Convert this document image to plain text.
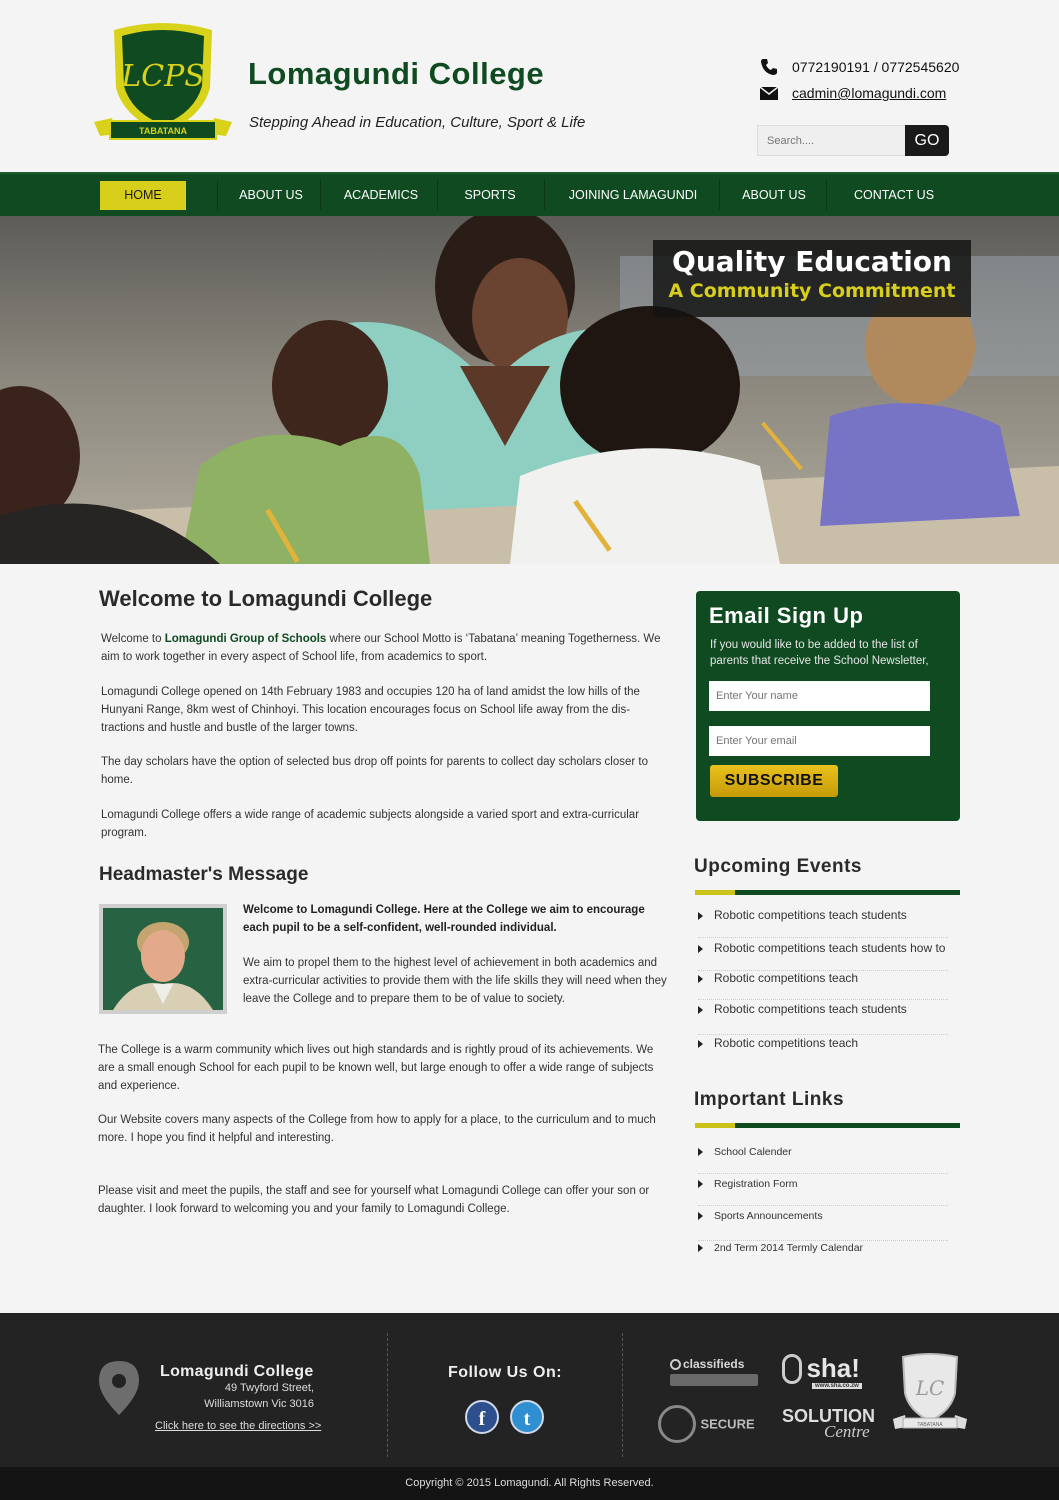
LCPS
TABATANA
Lomagundi College
Stepping Ahead in Education, Culture, Sport & Life
0772190191 / 0772545620
cadmin@lomagundi.com
Search....
GO
HOME	ABOUT US	ACADEMICS	SPORTS	JOINING LAMAGUNDI	ABOUT US	CONTACT US
Quality Education
A Community Commitment
Welcome to Lomagundi College
Welcome to Lomagundi Group of Schools where our School Motto is ‘Tabatana’ meaning Togetherness. We aim to work together in every aspect of School life, from academics to sport.
Lomagundi College opened on 14th February 1983 and occupies 120 ha of land amidst the low hills of the Hunyani Range, 8km west of Chinhoyi. This location encourages focus on School life away from the dis-tractions and hustle and bustle of the larger towns.
The day scholars have the option of selected bus drop off points for parents to collect day scholars closer to home.
Lomagundi College offers a wide range of academic subjects alongside a varied sport and extra-curricular program.
Headmaster's Message
Welcome to Lomagundi College. Here at the College we aim to encourage each pupil to be a self-confident, well-rounded individual.
We aim to propel them to the highest level of achievement in both academics and extra-curricular activities to provide them with the life skills they will need when they leave the College and to prepare them to be of value to society.
The College is a warm community which lives out high standards and is rightly proud of its achievements. We are a small enough School for each pupil to be known well, but large enough to offer a wide range of subjects and experience.
Our Website covers many aspects of the College from how to apply for a place, to the curriculum and to much more. I hope you find it helpful and interesting.
Please visit and meet the pupils, the staff and see for yourself what Lomagundi College can offer your son or daughter. I look forward to welcoming you and your family to Lomagundi College.
Email Sign Up

If you would like to be added to the list of parents that receive the School Newsletter,

Enter Your name
Enter Your email
SUBSCRIBE
Upcoming Events
Robotic competitions teach students
Robotic competitions teach students how to
Robotic competitions teach
Robotic competitions teach students
Robotic competitions teach
Important Links
School Calender
Registration Form
Sports Announcements
2nd Term 2014 Termly Calendar
Lomagundi College
49 Twyford Street,
Williamstown Vic 3016
Click here to see the directions >>
Follow Us On:
f	t
classifieds	sha!
www.sha.co.zw
SECURE SOLUTION
Centre
LC
TABATANA
Copyright © 2015 Lomagundi. All Rights Reserved.
